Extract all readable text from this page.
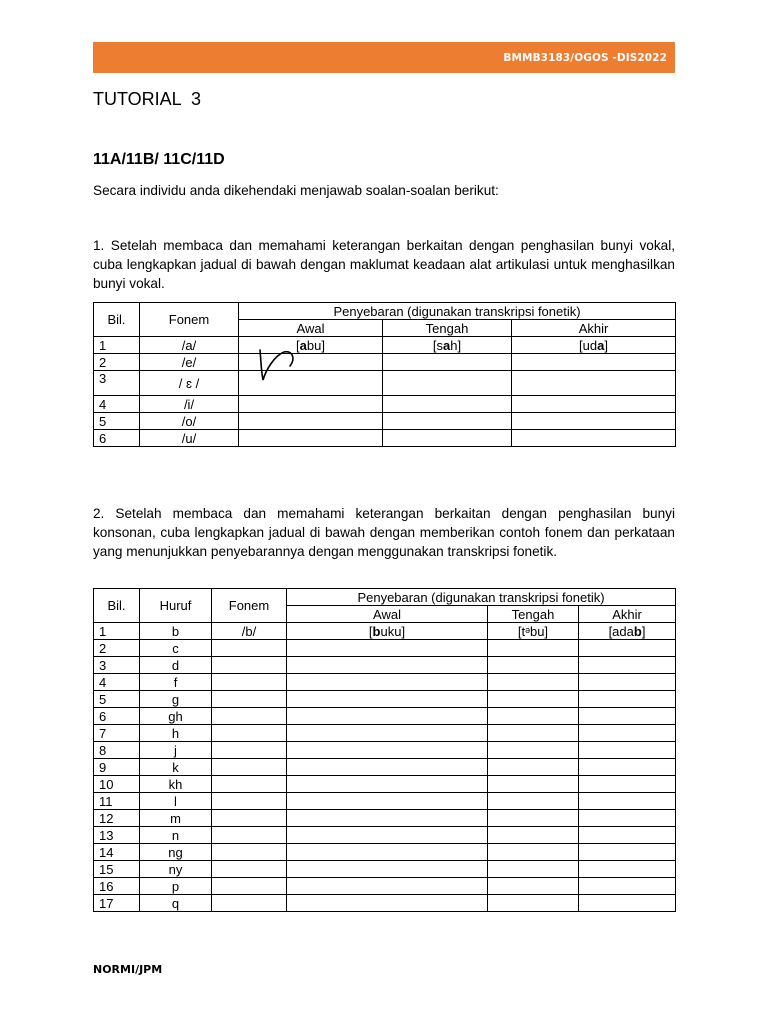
BMMB3183/OGOS -DIS2022
TUTORIAL  3
11A/11B/ 11C/11D
Secara individu anda dikehendaki menjawab soalan-soalan berikut:
1. Setelah membaca dan memahami keterangan berkaitan dengan penghasilan bunyi vokal, cuba lengkapkan jadual di bawah dengan maklumat keadaan alat artikulasi untuk menghasilkan bunyi vokal.
Bil.	Fonem	Penyebaran (digunakan transkripsi fonetik)		
		Awal	Tengah	Akhir
1	/a/	[abu]	[sah]	[uda]
2	/e/			
3	/ ɛ /			
4	/i/			
5	/o/			
6	/u/			
2. Setelah membaca dan memahami keterangan berkaitan dengan penghasilan bunyi konsonan, cuba lengkapkan jadual di bawah dengan memberikan contoh fonem dan perkataan yang menunjukkan penyebarannya dengan menggunakan transkripsi fonetik.
Bil.	Huruf	Fonem	Penyebaran (digunakan transkripsi fonetik)		
			Awal	Tengah	Akhir
1	b	/b/	[buku]	[tᵊbu]	[adab]
2	c				
3	d				
4	f				
5	g				
6	gh				
7	h				
8	j				
9	k				
10	kh				
11	l				
12	m				
13	n				
14	ng				
15	ny				
16	p				
17	q				
NORMI/JPM
